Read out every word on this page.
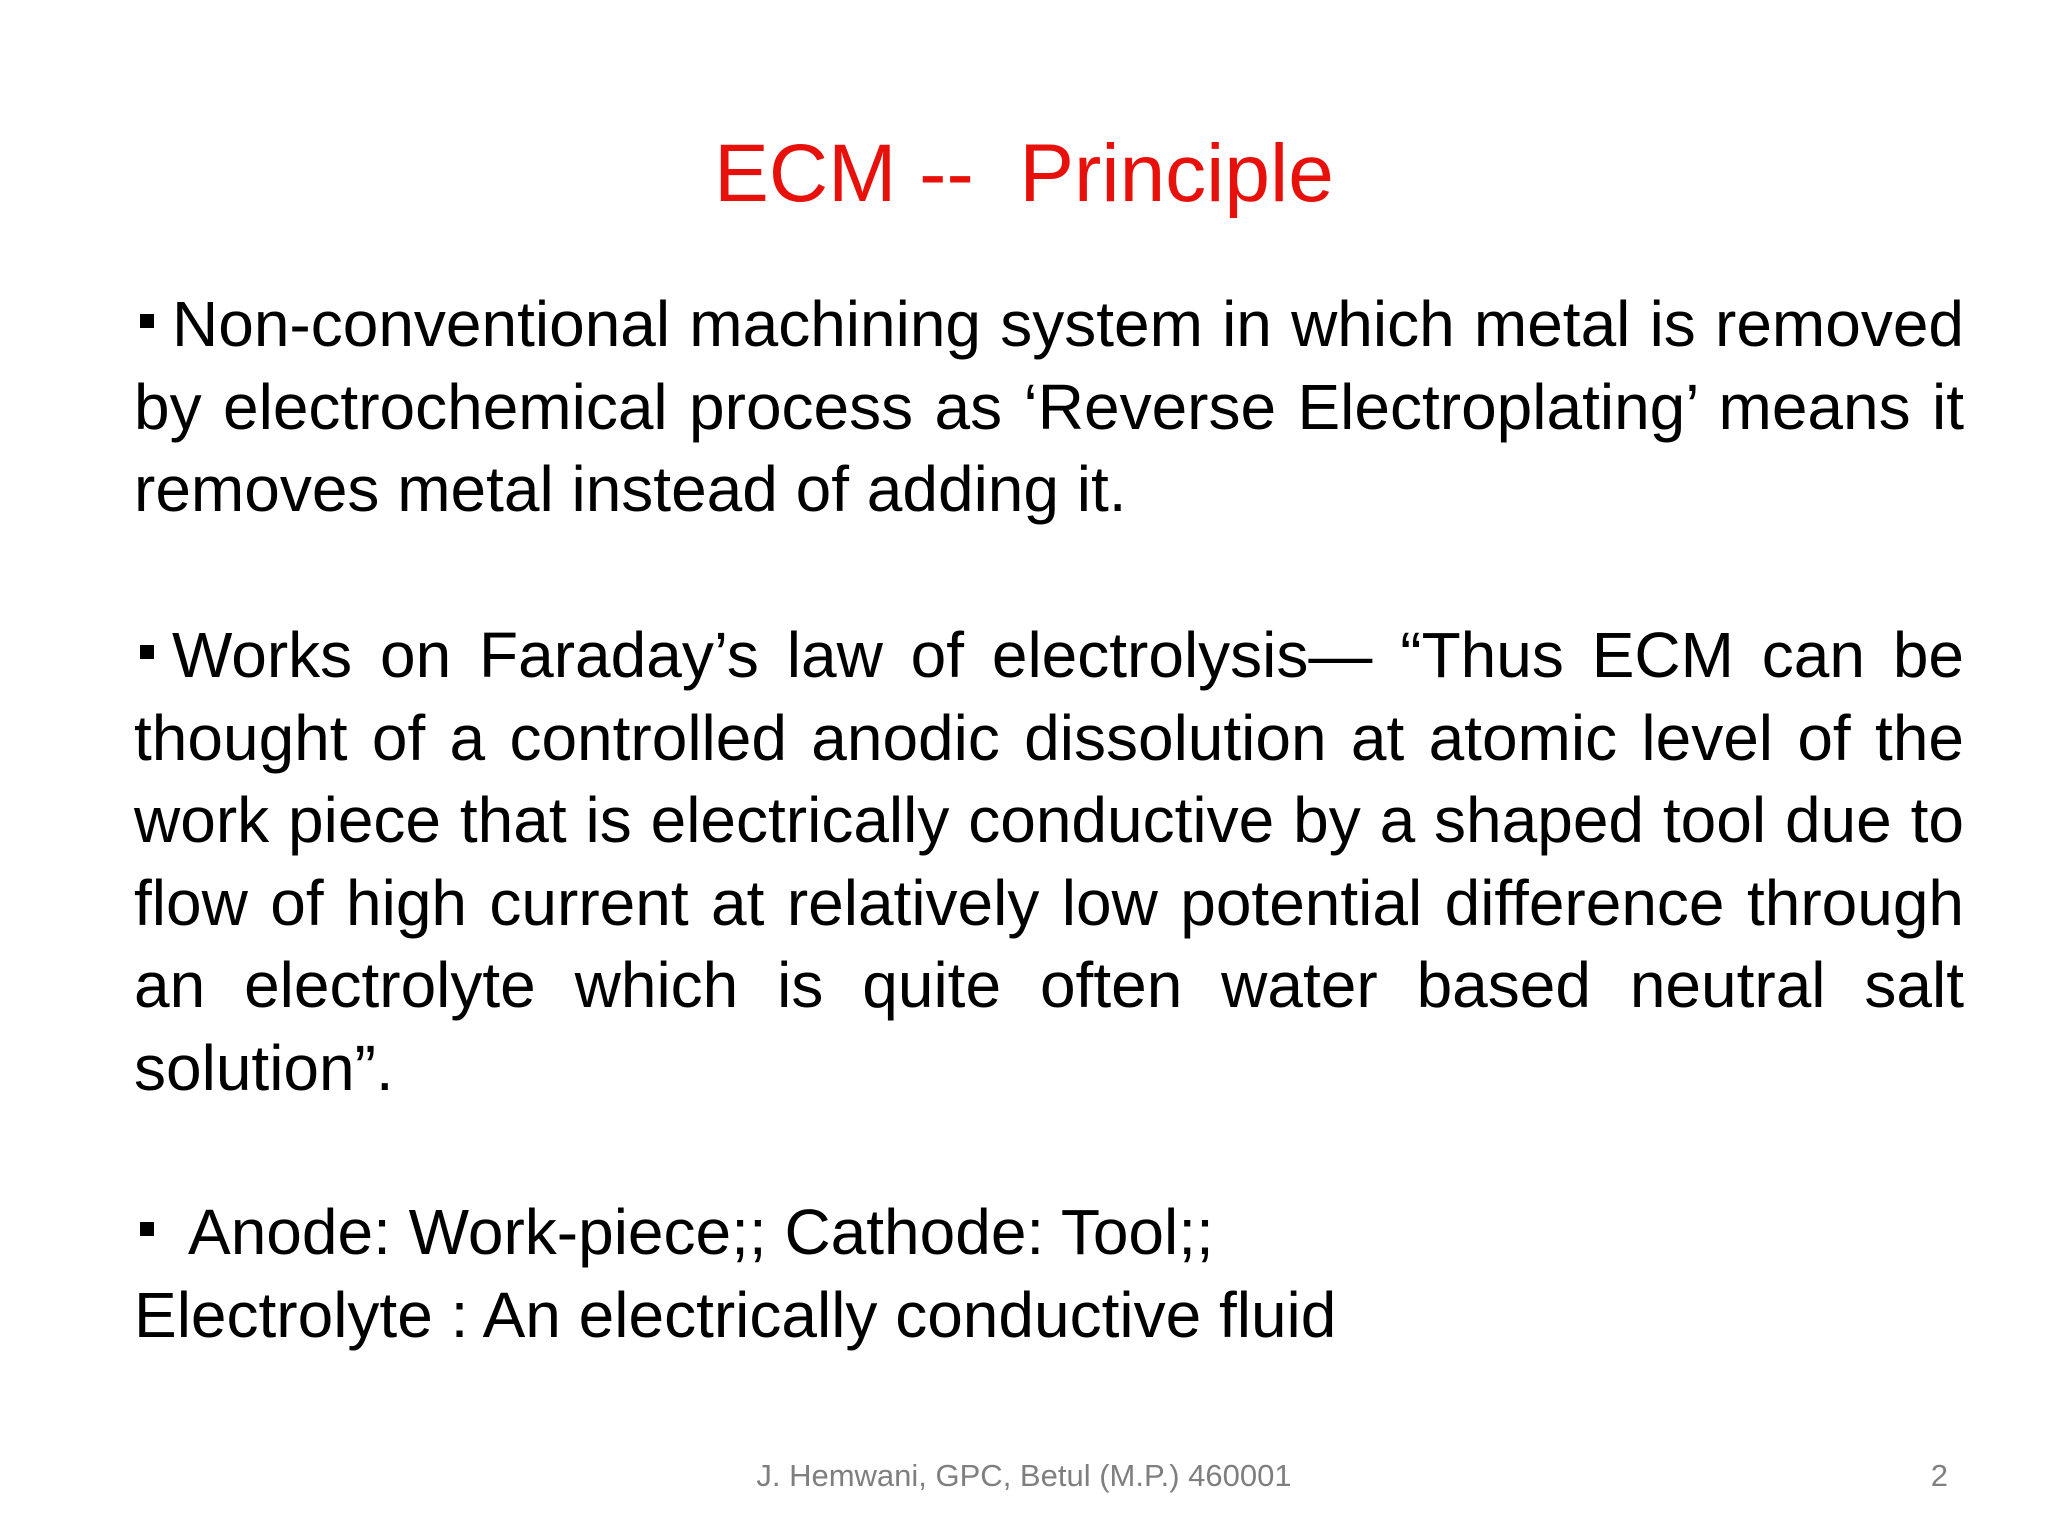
ECM --  Principle

Non-conventional machining system in which metal is removed by electrochemical process as ‘Reverse Electroplating’ means it removes metal instead of adding it.

Works on Faraday’s law of electrolysis— “Thus ECM can be thought of a controlled anodic dissolution at atomic level of the work piece that is electrically conductive by a shaped tool due to flow of high current at relatively low potential difference through an electrolyte which is quite often water based neutral salt solution”.

Anode: Work-piece;; Cathode: Tool;;
Electrolyte : An electrically conductive fluid

J. Hemwani, GPC, Betul (M.P.) 460001	2
